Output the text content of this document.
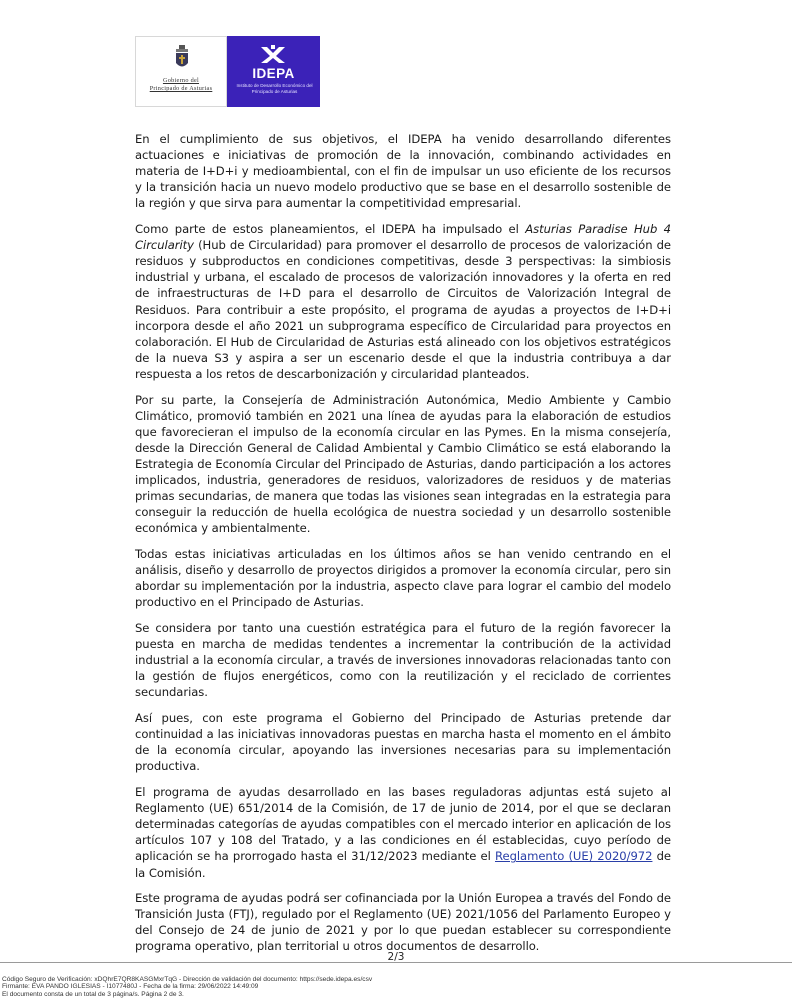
Gobierno del
Principado de Asturias
IDEPA
Instituto de Desarrollo Económico del Principado de Asturias

En el cumplimiento de sus objetivos, el IDEPA ha venido desarrollando diferentes actuaciones e iniciativas de promoción de la innovación, combinando actividades en materia de I+D+i y medioambiental, con el fin de impulsar un uso eficiente de los recursos y la transición hacia un nuevo modelo productivo que se base en el desarrollo sostenible de la región y que sirva para aumentar la competitividad empresarial.

Como parte de estos planeamientos, el IDEPA ha impulsado el Asturias Paradise Hub 4 Circularity (Hub de Circularidad) para promover el desarrollo de procesos de valorización de residuos y subproductos en condiciones competitivas, desde 3 perspectivas: la simbiosis industrial y urbana, el escalado de procesos de valorización innovadores y la oferta en red de infraestructuras de I+D para el desarrollo de Circuitos de Valorización Integral de Residuos. Para contribuir a este propósito, el programa de ayudas a proyectos de I+D+i incorpora desde el año 2021 un subprograma específico de Circularidad para proyectos en colaboración. El Hub de Circularidad de Asturias está alineado con los objetivos estratégicos de la nueva S3 y aspira a ser un escenario desde el que la industria contribuya a dar respuesta a los retos de descarbonización y circularidad planteados.

Por su parte, la Consejería de Administración Autonómica, Medio Ambiente y Cambio Climático, promovió también en 2021 una línea de ayudas para la elaboración de estudios que favorecieran el impulso de la economía circular en las Pymes. En la misma consejería, desde la Dirección General de Calidad Ambiental y Cambio Climático se está elaborando la Estrategia de Economía Circular del Principado de Asturias, dando participación a los actores implicados, industria, generadores de residuos, valorizadores de residuos y de materias primas secundarias, de manera que todas las visiones sean integradas en la estrategia para conseguir la reducción de huella ecológica de nuestra sociedad y un desarrollo sostenible económica y ambientalmente.

Todas estas iniciativas articuladas en los últimos años se han venido centrando en el análisis, diseño y desarrollo de proyectos dirigidos a promover la economía circular, pero sin abordar su implementación por la industria, aspecto clave para lograr el cambio del modelo productivo en el Principado de Asturias.

Se considera por tanto una cuestión estratégica para el futuro de la región favorecer la puesta en marcha de medidas tendentes a incrementar la contribución de la actividad industrial a la economía circular, a través de inversiones innovadoras relacionadas tanto con la gestión de flujos energéticos, como con la reutilización y el reciclado de corrientes secundarias.

Así pues, con este programa el Gobierno del Principado de Asturias pretende dar continuidad a las iniciativas innovadoras puestas en marcha hasta el momento en el ámbito de la economía circular, apoyando las inversiones necesarias para su implementación productiva.

El programa de ayudas desarrollado en las bases reguladoras adjuntas está sujeto al Reglamento (UE) 651/2014 de la Comisión, de 17 de junio de 2014, por el que se declaran determinadas categorías de ayudas compatibles con el mercado interior en aplicación de los artículos 107 y 108 del Tratado, y a las condiciones en él establecidas, cuyo período de aplicación se ha prorrogado hasta el 31/12/2023 mediante el Reglamento (UE) 2020/972 de la Comisión.

Este programa de ayudas podrá ser cofinanciada por la Unión Europea a través del Fondo de Transición Justa (FTJ), regulado por el Reglamento (UE) 2021/1056 del Parlamento Europeo y del Consejo de 24 de junio de 2021 y por lo que puedan establecer su correspondiente programa operativo, plan territorial u otros documentos de desarrollo.

2/3
Código Seguro de Verificación: xDQhrE7QR8KASGMxrTqG - Dirección de validación del documento: https://sede.idepa.es/csv
Firmante: EVA PANDO IGLESIAS - I1077480J - Fecha de la firma: 29/06/2022 14:49:09
El documento consta de un total de 3 página/s. Página 2 de 3.
